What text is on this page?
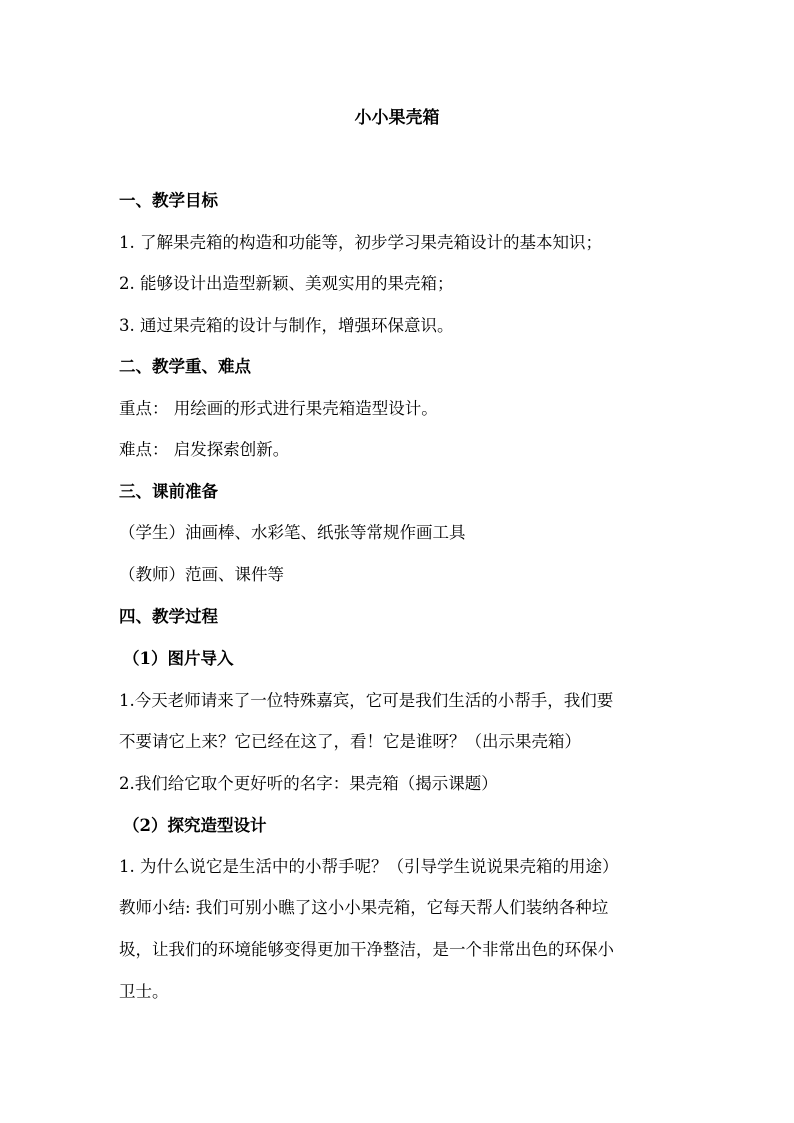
小小果壳箱
一、教学目标
1. 了解果壳箱的构造和功能等，初步学习果壳箱设计的基本知识；
2. 能够设计出造型新颖、美观实用的果壳箱；
3. 通过果壳箱的设计与制作，增强环保意识。
二、教学重、难点
重点： 用绘画的形式进行果壳箱造型设计。
难点： 启发探索创新。
三、课前准备
（学生）油画棒、水彩笔、纸张等常规作画工具
（教师）范画、课件等
四、教学过程
（1）图片导入
1.今天老师请来了一位特殊嘉宾，它可是我们生活的小帮手，我们要
不要请它上来？它已经在这了，看！它是谁呀？（出示果壳箱）
2.我们给它取个更好听的名字：果壳箱（揭示课题）
（2）探究造型设计
1. 为什么说它是生活中的小帮手呢？（引导学生说说果壳箱的用途）
教师小结: 我们可别小瞧了这小小果壳箱，它每天帮人们装纳各种垃
圾，让我们的环境能够变得更加干净整洁，是一个非常出色的环保小
卫士。
